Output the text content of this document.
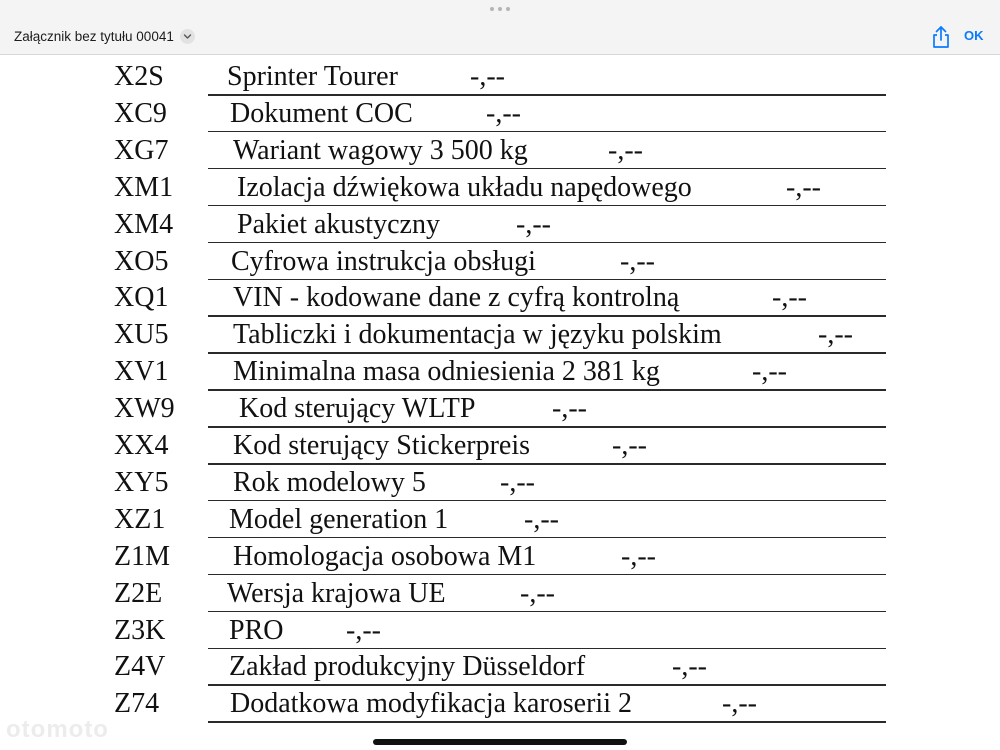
Załącznik bez tytułu 00041	OK
X2S Sprinter Tourer	-,--
XC9 Dokument COC	-,--
XG7 Wariant wagowy 3 500 kg	-,--
XM1 Izolacja dźwiękowa układu napędowego	-,--
XM4 Pakiet akustyczny	-,--
XO5 Cyfrowa instrukcja obsługi	-,--
XQ1 VIN - kodowane dane z cyfrą kontrolną	-,--
XU5 Tabliczki i dokumentacja w języku polskim	-,--
XV1 Minimalna masa odniesienia 2 381 kg	-,--
XW9 Kod sterujący WLTP	-,--
XX4 Kod sterujący Stickerpreis	-,--
XY5 Rok modelowy 5	-,--
XZ1 Model generation 1	-,--
Z1M Homologacja osobowa M1	-,--
Z2E Wersja krajowa UE	-,--
Z3K PRO -,--
Z4V Zakład produkcyjny Düsseldorf	-,--
Z74	Dodatkowa modyfikacja karoserii 2	-,--
otomoto
